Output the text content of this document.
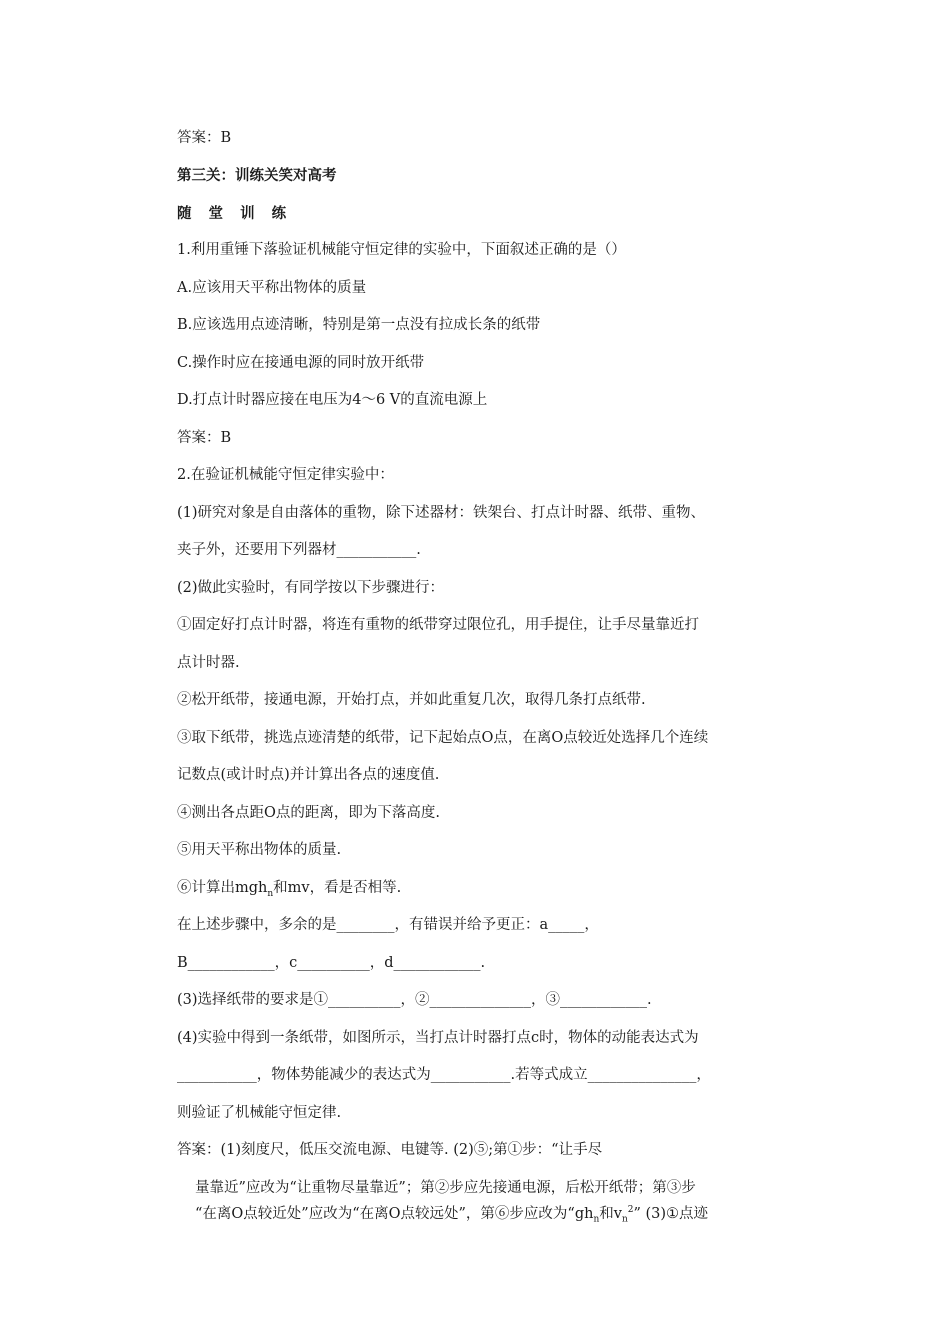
答案：B
第三关：训练关笑对高考
随 堂 训 练
1.利用重锤下落验证机械能守恒定律的实验中，下面叙述正确的是（）
A.应该用天平称出物体的质量
B.应该选用点迹清晰，特别是第一点没有拉成长条的纸带
C.操作时应在接通电源的同时放开纸带
D.打点计时器应接在电压为4～6 V的直流电源上
答案：B
2.在验证机械能守恒定律实验中：
(1)研究对象是自由落体的重物，除下述器材：铁架台、打点计时器、纸带、重物、
夹子外，还要用下列器材___________.
(2)做此实验时，有同学按以下步骤进行：
①固定好打点计时器，将连有重物的纸带穿过限位孔，用手提住，让手尽量靠近打
点计时器.
②松开纸带，接通电源，开始打点，并如此重复几次，取得几条打点纸带.
③取下纸带，挑选点迹清楚的纸带，记下起始点O点，在离O点较近处选择几个连续
记数点(或计时点)并计算出各点的速度值.
④测出各点距O点的距离，即为下落高度.
⑤用天平称出物体的质量.
⑥计算出mgh$_n$和mv，看是否相等.
在上述步骤中，多余的是________，有错误并给予更正：a_____，
B____________，c__________，d____________.
(3)选择纸带的要求是①__________，②______________，③____________.
(4)实验中得到一条纸带，如图所示，当打点计时器打点c时，物体的动能表达式为
___________，物体势能减少的表达式为___________.若等式成立_______________，
则验证了机械能守恒定律.
答案：(1)刻度尺，低压交流电源、电键等. (2)⑤;第①步：“让手尽
量靠近”应改为“让重物尽量靠近”；第②步应先接通电源，后松开纸带；第③步
“在离O点较近处”应改为“在离O点较远处”，第⑥步应改为“$gh_n$和$v_n^2$” (3)①点迹
